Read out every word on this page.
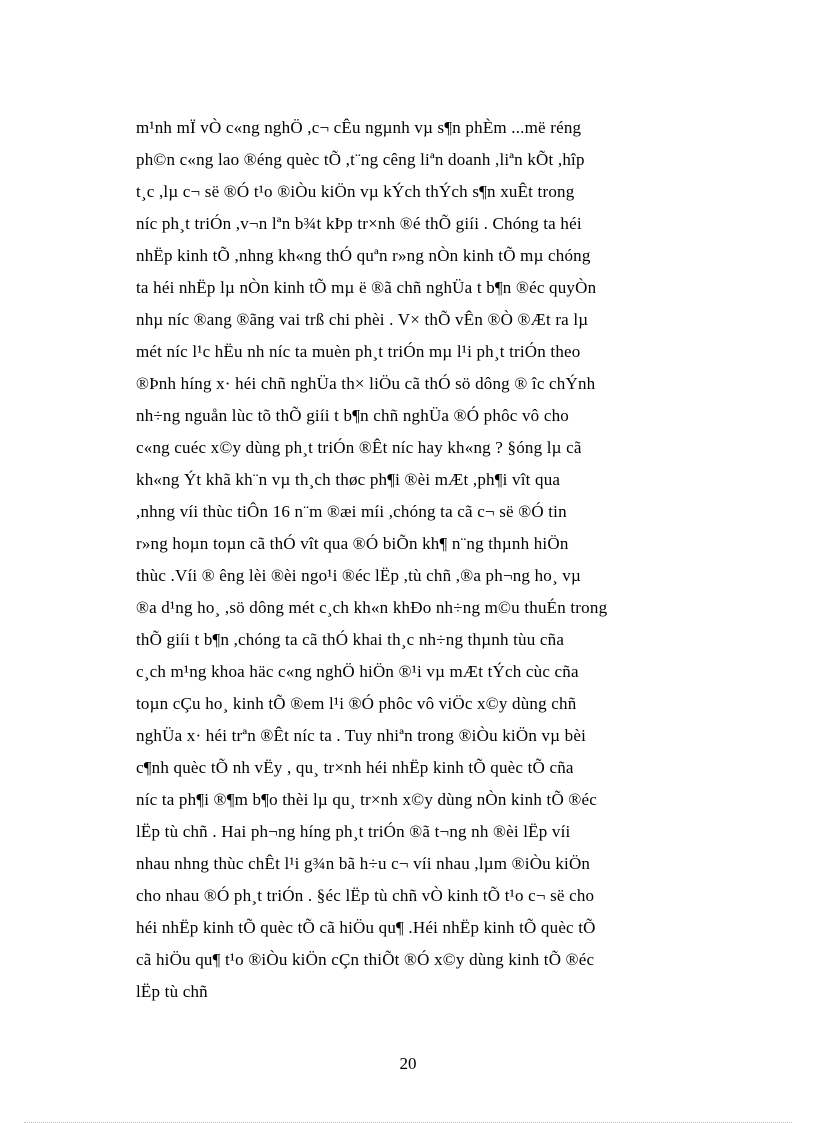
m¹nh mÏ vÒ c«ng nghÖ ,c¬ cÊu ngµnh vµ s¶n phÈm ...më réng
ph©n c«ng lao ®éng quèc tÕ ,t¨ng cêng liªn doanh ,liªn kÕt ,hîp
t¸c ,lµ c¬ së ®Ó t¹o ®iÒu kiÖn vµ kÝch thÝch s¶n xuÊt trong
níc ph¸t triÓn ,v¬n lªn b¾t kÞp tr×nh ®é thÕ giíi . Chóng ta héi
nhËp kinh tÕ ,nhng kh«ng thÓ quªn r»ng nÒn kinh tÕ mµ chóng
ta héi nhËp lµ nÒn kinh tÕ mµ ë ®ã chñ nghÜa t b¶n ®éc quyÒn
nhµ níc ®ang ®ãng vai trß chi phèi . V× thÕ vÊn ®Ò ®Æt ra lµ
mét níc l¹c hËu nh níc ta muèn ph¸t triÓn mµ l¹i ph¸t triÓn theo
®Þnh híng x· héi chñ nghÜa th× liÖu cã thÓ sö dông ® îc chÝnh
nh÷ng nguån lùc tõ thÕ giíi t b¶n chñ nghÜa ®Ó phôc vô cho
c«ng cuéc x©y dùng ph¸t triÓn ®Êt níc hay kh«ng ? §óng lµ cã
kh«ng Ýt khã kh¨n vµ th¸ch thøc ph¶i ®èi mÆt ,ph¶i vît qua
,nhng víi thùc tiÔn 16 n¨m ®æi míi ,chóng ta cã c¬ së ®Ó tin
r»ng hoµn toµn cã thÓ vît qua ®Ó biÕn kh¶ n¨ng thµnh hiÖn
thùc .Víi ® êng lèi ®èi ngo¹i ®éc lËp ,tù chñ ,®a ph¬ng ho¸ vµ
®a d¹ng ho¸ ,sö dông mét c¸ch kh«n khÐo nh÷ng m©u thuÉn trong
thÕ giíi t b¶n ,chóng ta cã thÓ khai th¸c nh÷ng thµnh tùu cña
c¸ch m¹ng khoa häc c«ng nghÖ hiÖn ®¹i vµ mÆt tÝch cùc cña
toµn cÇu ho¸ kinh tÕ ®em l¹i ®Ó phôc vô viÖc x©y dùng chñ
nghÜa x· héi trªn ®Êt níc ta . Tuy nhiªn trong ®iÒu kiÖn vµ bèi
c¶nh quèc tÕ nh vËy , qu¸ tr×nh héi nhËp kinh tÕ quèc tÕ cña
níc ta ph¶i ®¶m b¶o thèi lµ qu¸ tr×nh x©y dùng nÒn kinh tÕ ®éc
lËp tù chñ . Hai ph¬ng híng ph¸t triÓn ®ã t¬ng nh ®èi lËp víi
nhau nhng thùc chÊt l¹i g¾n bã h÷u c¬ víi nhau ,lµm ®iÒu kiÖn
cho nhau ®Ó ph¸t triÓn . §éc lËp tù chñ vÒ kinh tÕ t¹o c¬ së cho
héi nhËp kinh tÕ quèc tÕ cã hiÖu qu¶ .Héi nhËp kinh tÕ quèc tÕ
cã hiÖu qu¶ t¹o ®iÒu kiÖn cÇn thiÕt ®Ó x©y dùng kinh tÕ ®éc
lËp tù chñ
20
